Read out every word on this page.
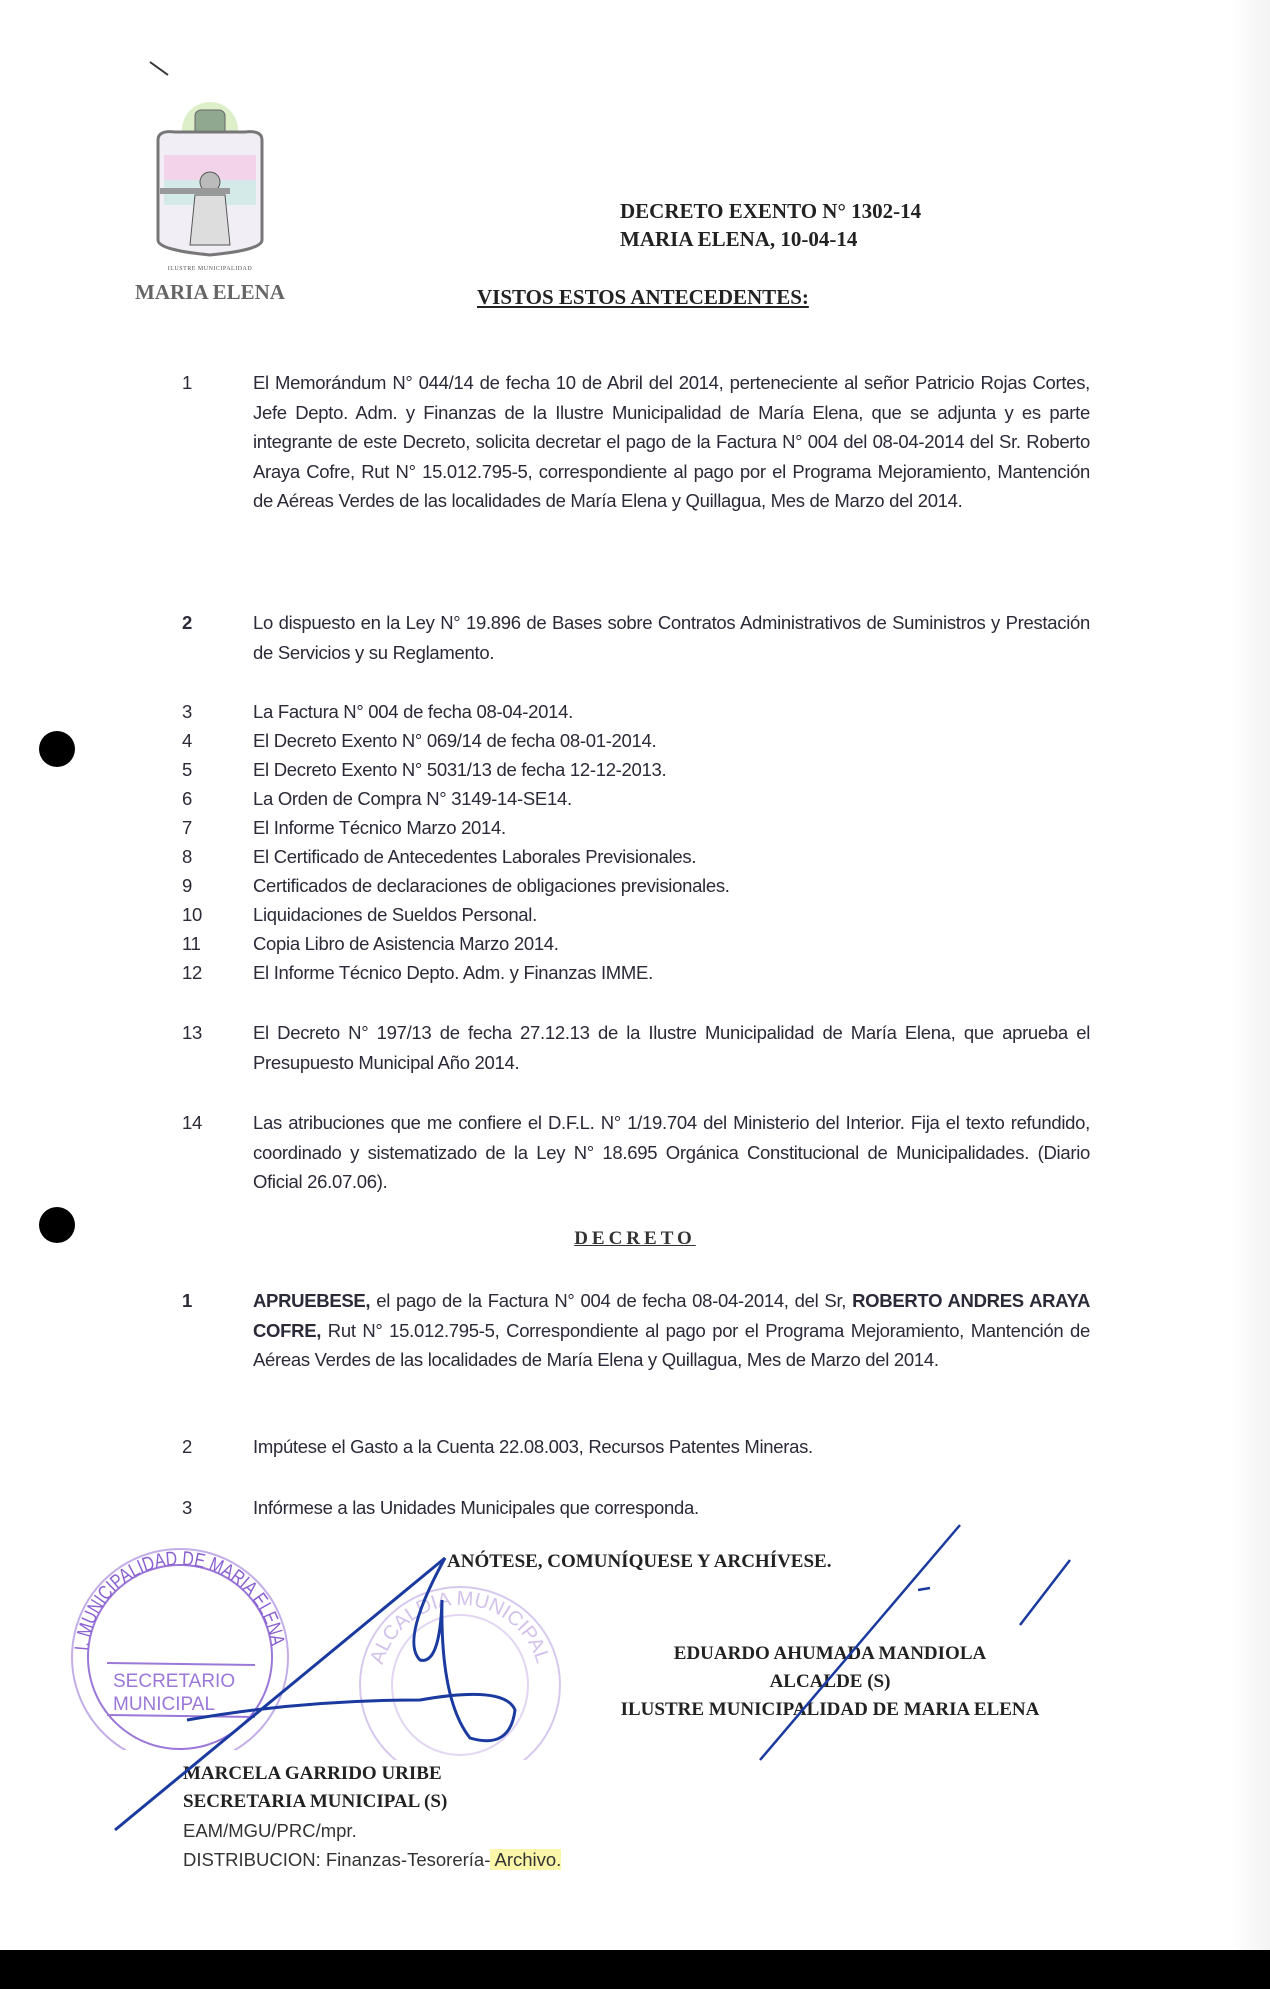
ILUSTRE MUNICIPALIDAD
MARIA ELENA
DECRETO EXENTO N° 1302-14
MARIA ELENA, 10-04-14
VISTOS ESTOS ANTECEDENTES:
1	El Memorándum N° 044/14 de fecha 10 de Abril del 2014, perteneciente al señor Patricio Rojas Cortes, Jefe Depto. Adm. y Finanzas de la Ilustre Municipalidad de María Elena, que se adjunta y es parte integrante de este Decreto, solicita decretar el pago de la Factura N° 004 del 08-04-2014 del Sr. Roberto Araya Cofre, Rut N° 15.012.795-5, correspondiente al pago por el Programa Mejoramiento, Mantención de Aéreas Verdes de las localidades de María Elena y Quillagua, Mes de Marzo del 2014.
2	Lo dispuesto en la Ley N° 19.896 de Bases sobre Contratos Administrativos de Suministros y Prestación de Servicios y su Reglamento.
3	La Factura N° 004 de fecha 08-04-2014.
4	El Decreto Exento N° 069/14 de fecha 08-01-2014.
5	El Decreto Exento N° 5031/13 de fecha 12-12-2013.
6	La Orden de Compra N° 3149-14-SE14.
7	El Informe Técnico Marzo 2014.
8	El Certificado de Antecedentes Laborales Previsionales.
9	Certificados de declaraciones de obligaciones previsionales.
10	Liquidaciones de Sueldos Personal.
11	Copia Libro de Asistencia Marzo 2014.
12	El Informe Técnico Depto. Adm. y Finanzas IMME.
13	El Decreto N° 197/13 de fecha 27.12.13 de la Ilustre Municipalidad de María Elena, que aprueba el Presupuesto Municipal Año 2014.
14	Las atribuciones que me confiere el D.F.L. N° 1/19.704 del Ministerio del Interior. Fija el texto refundido, coordinado y sistematizado de la Ley N° 18.695 Orgánica Constitucional de Municipalidades. (Diario Oficial 26.07.06).
DECRETO
1	APRUEBESE, el pago de la Factura N° 004 de fecha 08-04-2014, del Sr, ROBERTO ANDRES ARAYA COFRE, Rut N° 15.012.795-5, Correspondiente al pago por el Programa Mejoramiento, Mantención de Aéreas Verdes de las localidades de María Elena y Quillagua, Mes de Marzo del 2014.
2	Impútese el Gasto a la Cuenta 22.08.003, Recursos Patentes Mineras.
3	Infórmese a las Unidades Municipales que corresponda.
I. MUNICIPALIDAD DE MARIA ELENA
SECRETARIO
MUNICIPAL
ALCALDIA MUNICIPAL
ANÓTESE, COMUNÍQUESE Y ARCHÍVESE.
EDUARDO AHUMADA MANDIOLA
ALCALDE (S)
ILUSTRE MUNICIPALIDAD DE MARIA ELENA
MARCELA GARRIDO URIBE
SECRETARIA MUNICIPAL (S)
EAM/MGU/PRC/mpr.
DISTRIBUCION: Finanzas-Tesorería- Archivo.
